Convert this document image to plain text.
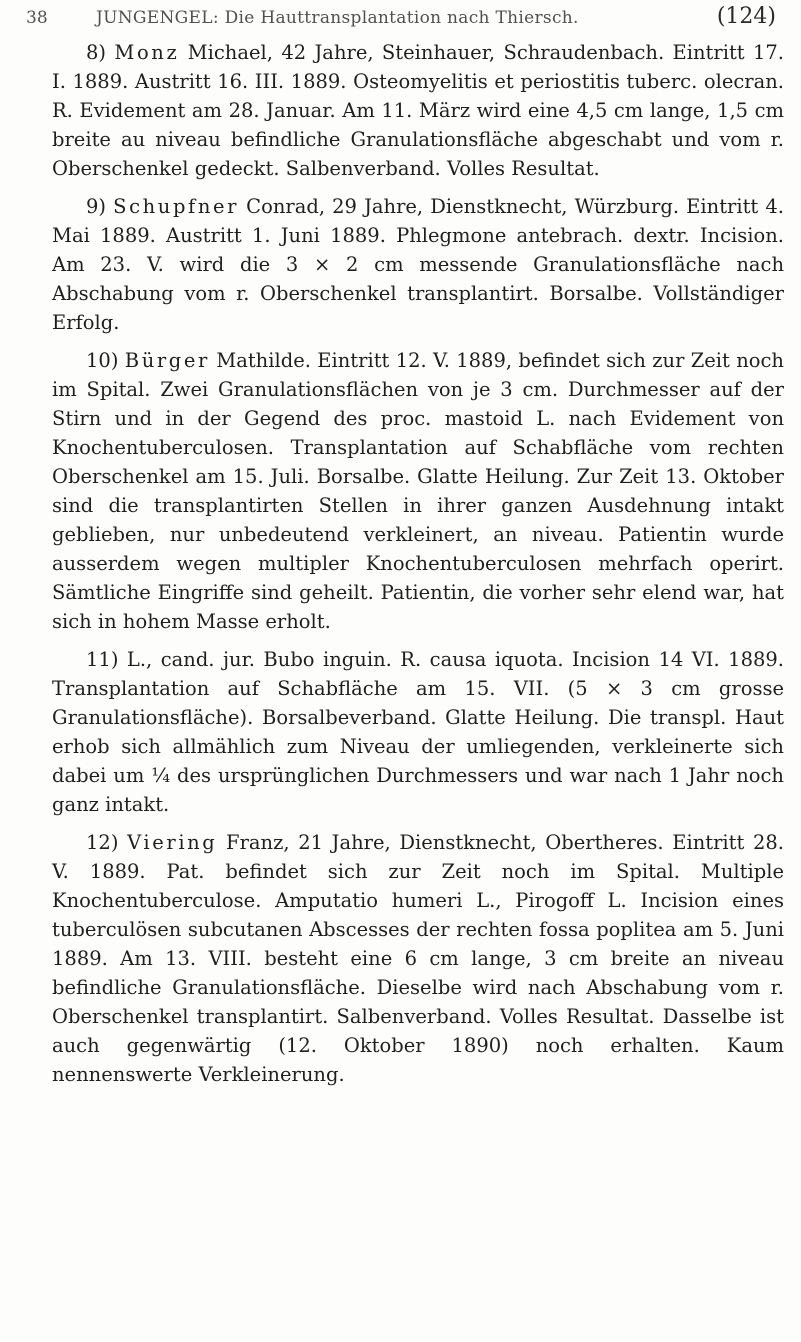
38	JUNGENGEL: Die Hauttransplantation nach Thiersch.	(124)

8) Monz Michael, 42 Jahre, Steinhauer, Schraudenbach. Eintritt 17. I. 1889. Austritt 16. III. 1889. Osteomyelitis et periostitis tuberc. olecran. R. Evidement am 28. Januar. Am 11. März wird eine 4,5 cm lange, 1,5 cm breite au niveau befindliche Granulationsfläche abgeschabt und vom r. Oberschenkel gedeckt. Salbenverband. Volles Resultat.

9) Schupfner Conrad, 29 Jahre, Dienstknecht, Würzburg. Eintritt 4. Mai 1889. Austritt 1. Juni 1889. Phlegmone antebrach. dextr. Incision. Am 23. V. wird die 3 × 2 cm messende Granulationsfläche nach Abschabung vom r. Oberschenkel transplantirt. Borsalbe. Vollständiger Erfolg.

10) Bürger Mathilde. Eintritt 12. V. 1889, befindet sich zur Zeit noch im Spital. Zwei Granulationsflächen von je 3 cm. Durchmesser auf der Stirn und in der Gegend des proc. mastoid L. nach Evidement von Knochentuberculosen. Transplantation auf Schabfläche vom rechten Oberschenkel am 15. Juli. Borsalbe. Glatte Heilung. Zur Zeit 13. Oktober sind die transplantirten Stellen in ihrer ganzen Ausdehnung intakt geblieben, nur unbedeutend verkleinert, an niveau. Patientin wurde ausserdem wegen multipler Knochentuberculosen mehrfach operirt. Sämtliche Eingriffe sind geheilt. Patientin, die vorher sehr elend war, hat sich in hohem Masse erholt.

11) L., cand. jur. Bubo inguin. R. causa iquota. Incision 14 VI. 1889. Transplantation auf Schabfläche am 15. VII. (5 × 3 cm grosse Granulationsfläche). Borsalbeverband. Glatte Heilung. Die transpl. Haut erhob sich allmählich zum Niveau der umliegenden, verkleinerte sich dabei um ¼ des ursprünglichen Durchmessers und war nach 1 Jahr noch ganz intakt.

12) Viering Franz, 21 Jahre, Dienstknecht, Obertheres. Eintritt 28. V. 1889. Pat. befindet sich zur Zeit noch im Spital. Multiple Knochentuberculose. Amputatio humeri L., Pirogoff L. Incision eines tuberculösen subcutanen Abscesses der rechten fossa poplitea am 5. Juni 1889. Am 13. VIII. besteht eine 6 cm lange, 3 cm breite an niveau befindliche Granulationsfläche. Dieselbe wird nach Abschabung vom r. Oberschenkel transplantirt. Salbenverband. Volles Resultat. Dasselbe ist auch gegenwärtig (12. Oktober 1890) noch erhalten. Kaum nennenswerte Verkleinerung.
